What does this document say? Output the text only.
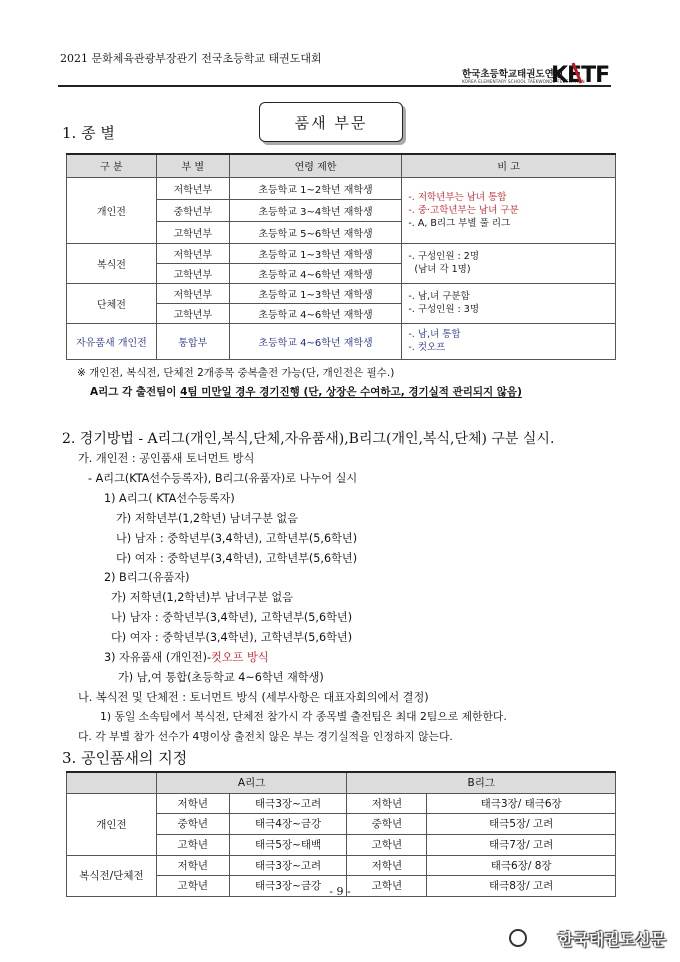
2021 문화체육관광부장관기 전국초등학교 태권도대회
한국초등학교태권도연맹
KOREA ELEMENTARY SCHOOL TAEKWONDO FEDERATION
KETF
품새 부문
1. 종 별
구 분	부 별	연령 제한	비 고
개인전	저학년부	초등학교 1~2학년 재학생	-. 저학년부는 남녀 통합
-. 중·고학년부는 남녀 구분
-. A, B리그 부별 풀 리그

	중학년부	초등학교 3~4학년 재학생	
	고학년부	초등학교 5~6학년 재학생	
복식전	저학년부	초등학교 1~3학년 재학생	-. 구성인원 : 2명
(남녀 각 1명)

	고학년부	초등학교 4~6학년 재학생	
단체전	저학년부	초등학교 1~3학년 재학생	-. 남,녀 구분함
-. 구성인원 : 3명

	고학년부	초등학교 4~6학년 재학생	
자유품새 개인전	통합부	초등학교 4~6학년 재학생	-. 남,녀 통합
-. 컷오프
※ 개인전, 복식전, 단체전 2개종목 중복출전 가능(단, 개인전은 필수.)
A리그 각 출전팀이 4팀 미만일 경우 경기진행 (단, 상장은 수여하고, 경기실적 관리되지 않음)
2. 경기방법 - A리그(개인,복식,단체,자유품새),B리그(개인,복식,단체) 구분 실시.
가. 개인전 : 공인품새 토너먼트 방식
- A리그(KTA선수등록자), B리그(유품자)로 나누어 실시
1) A리그( KTA선수등록자)
가) 저학년부(1,2학년) 남녀구분 없음
나) 남자 : 중학년부(3,4학년), 고학년부(5,6학년)
다) 여자 : 중학년부(3,4학년), 고학년부(5,6학년)
2) B리그(유품자)
가) 저학년(1,2학년)부 남녀구분 없음
나) 남자 : 중학년부(3,4학년), 고학년부(5,6학년)
다) 여자 : 중학년부(3,4학년), 고학년부(5,6학년)
3) 자유품새 (개인전)-컷오프 방식
가) 남,여 통합(초등학교 4~6학년 재학생)
나. 복식전 및 단체전 : 토너먼트 방식 (세부사항은 대표자회의에서 결정)
1) 동일 소속팀에서 복식전, 단체전 참가시 각 종목별 출전팀은 최대 2팀으로 제한한다.
다. 각 부별 참가 선수가 4명이상 출전치 않은 부는 경기실적을 인정하지 않는다.
3. 공인품새의 지정
	A리그		B리그	
개인전	저학년	태극3장~고려	저학년	태극3장/ 태극6장
	중학년	태극4장~금강	중학년	태극5장/ 고려
	고학년	태극5장~태백	고학년	태극7장/ 고려
복식전/단체전	저학년	태극3장~고려	저학년	태극6장/ 8장
	고학년	태극3장~금강	고학년	태극8장/ 고려
- 9 -
한국태권도신문
